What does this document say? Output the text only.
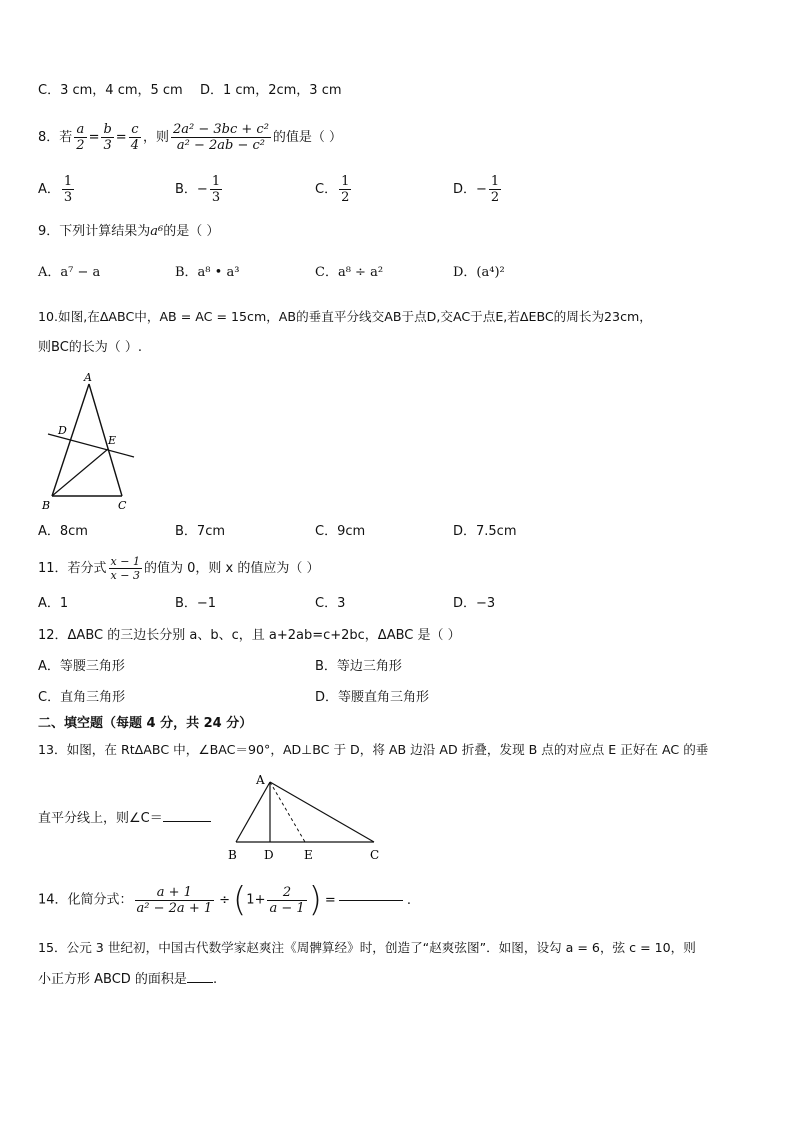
C．3 cm，4 cm，5 cm D．1 cm，2cm，3 cm
8．若 $\frac{a}{2} = \frac{b}{3} = \frac{c}{4}$ ，则 $\frac{\text{2a² − 3bc + c²}}{\text{a² − 2ab − c²}}$ 的值是（ ）
A． $\frac{1}{3}$	B．− $\frac{1}{3}$	C． $\frac{1}{2}$	D．− $\frac{1}{2}$
9．下列计算结果为a⁶的是（ ）
A．a⁷ − a	B．a⁸ • a³	C．a⁸ ÷ a²	D．(a⁴)²
10.如图,在ΔABC中，AB = AC = 15cm，AB的垂直平分线交AB于点D,交AC于点E,若ΔEBC的周长为23cm，
则BC的长为（ ）.
A
D
E
B	C
A．8cm	B．7cm	C．9cm	D．7.5cm
11．若分式 $\frac{x - 1}{x - 3}$ 的值为 0，则 x 的值应为（ ）
A．1	B．−1	C．3	D．−3
12．ΔABC 的三边长分别 a、b、c，且 a+2ab=c+2bc，ΔABC 是（ ）
A．等腰三角形	B．等边三角形
C．直角三角形	D．等腰直角三角形
二、填空题（每题 4 分，共 24 分）
13．如图，在 RtΔABC 中，∠BAC＝90°，AD⊥BC 于 D，将 AB 边沿 AD 折叠，发现 B 点的对应点 E 正好在 AC 的垂
直平分线上，则∠C＝
A
B D	E	C
14．化简分式： $\frac{a + 1}{\text{a² − 2a + 1}} \div(1+ \frac{2}{a - 1}$ ) =	.
15．公元 3 世纪初，中国古代数学家赵爽注《周髀算经》时，创造了“赵爽弦图”．如图，设勾 a = 6，弦 c = 10，则
小正方形 ABCD 的面积是 .
